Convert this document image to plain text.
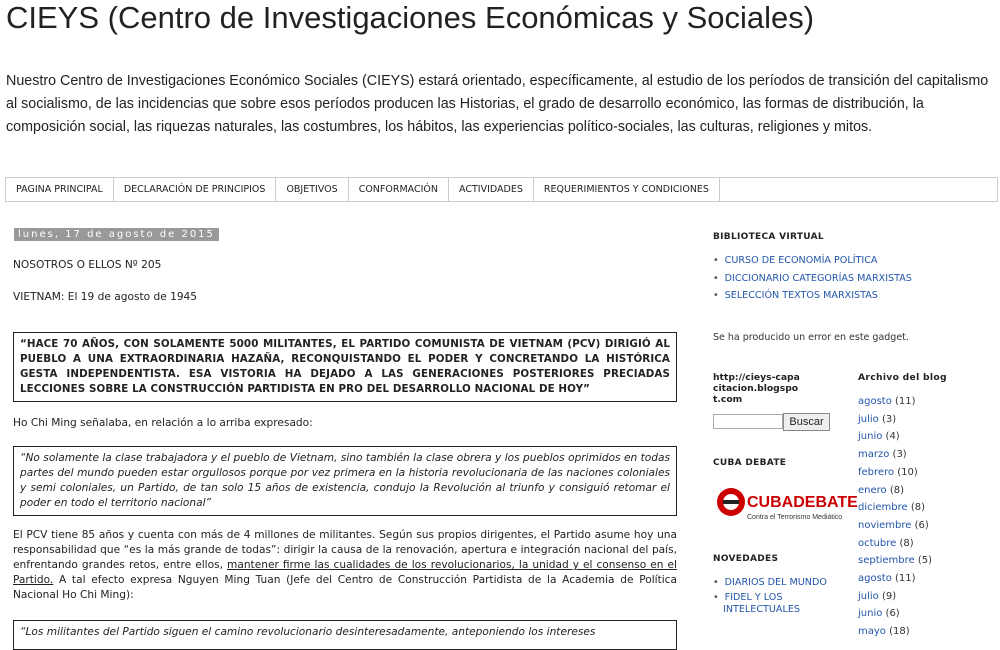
CIEYS (Centro de Investigaciones Económicas y Sociales)
Nuestro Centro de Investigaciones Económico Sociales (CIEYS) estará orientado, específicamente, al estudio de los períodos de transición del capitalismo al socialismo, de las incidencias que sobre esos períodos producen las Historias, el grado de desarrollo económico, las formas de distribución, la composición social, las riquezas naturales, las costumbres, los hábitos, las experiencias político-sociales, las culturas, religiones y mitos.
PAGINA PRINCIPAL	DECLARACIÓN DE PRINCIPIOS	OBJETIVOS	CONFORMACIÓN	ACTIVIDADES	REQUERIMIENTOS Y CONDICIONES
lunes, 17 de agosto de 2015
NOSOTROS O ELLOS Nº 205
VIETNAM: El 19 de agosto de 1945
“HACE 70 AÑOS, CON SOLAMENTE 5000 MILITANTES, EL PARTIDO COMUNISTA DE VIETNAM (PCV) DIRIGIÓ AL PUEBLO A UNA EXTRAORDINARIA HAZAÑA, RECONQUISTANDO EL PODER Y CONCRETANDO LA HISTÓRICA GESTA INDEPENDENTISTA. ESA VISTORIA HA DEJADO A LAS GENERACIONES POSTERIORES PRECIADAS LECCIONES SOBRE LA CONSTRUCCIÓN PARTIDISTA EN PRO DEL DESARROLLO NACIONAL DE HOY”
Ho Chi Ming señalaba, en relación a lo arriba expresado:
“No solamente la clase trabajadora y el pueblo de Vietnam, sino también la clase obrera y los pueblos oprimidos en todas partes del mundo pueden estar orgullosos porque por vez primera en la historia revolucionaria de las naciones coloniales y semi coloniales, un Partido, de tan solo 15 años de existencia, condujo la Revolución al triunfo y consiguió retomar el poder en todo el territorio nacional”
El PCV tiene 85 años y cuenta con más de 4 millones de militantes. Según sus propios dirigentes, el Partido asume hoy una responsabilidad que “es la más grande de todas”: dirigir la causa de la renovación, apertura e integración nacional del país, enfrentando grandes retos, entre ellos, mantener firme las cualidades de los revolucionarios, la unidad y el consenso en el Partido. A tal efecto expresa Nguyen Ming Tuan (Jefe del Centro de Construcción Partidista de la Academia de Política Nacional Ho Chi Ming):
“Los militantes del Partido siguen el camino revolucionario desinteresadamente, anteponiendo los intereses
BIBLIOTECA VIRTUAL
• CURSO DE ECONOMÍA POLÍTICA
• DICCIONARIO CATEGORÍAS MARXISTAS
• SELECCIÓN TEXTOS MARXISTAS
Se ha producido un error en este gadget.
http://cieys-capacitacion.blogspot.com
Buscar
CUBA DEBATE
CUBADEBATE
Contra el Terrorismo Mediático
NOVEDADES
• DIARIOS DEL MUNDO
• FIDEL Y LOS INTELECTUALES
Archivo del blog
agosto (11)
julio (3)
junio (4)
marzo (3)
febrero (10)
enero (8)
diciembre (8)
noviembre (6)
octubre (8)
septiembre (5)
agosto (11)
julio (9)
junio (6)
mayo (18)
